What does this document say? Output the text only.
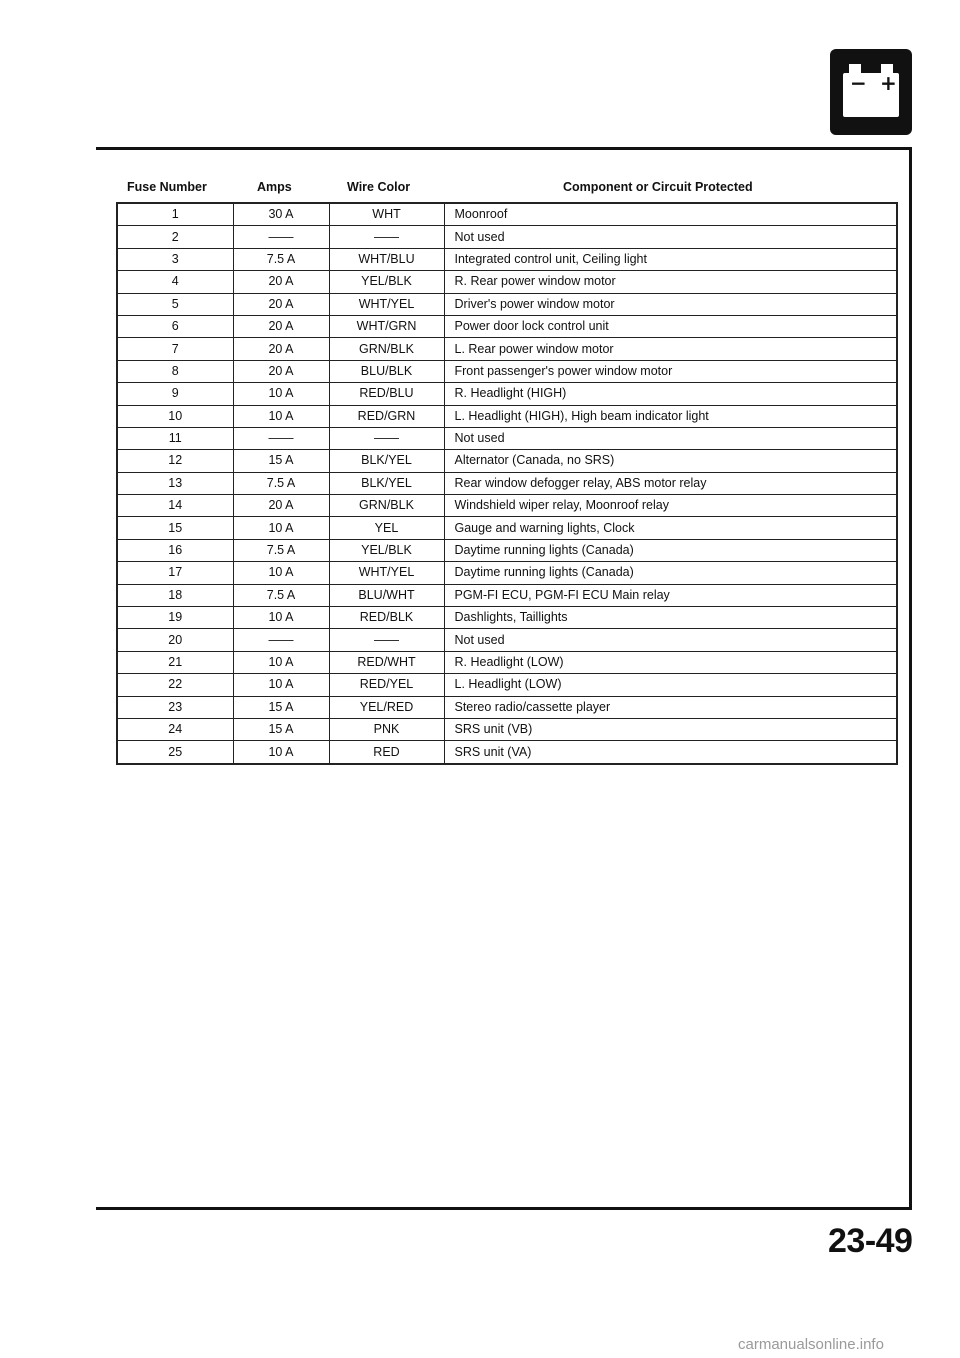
− +
Fuse Number	Amps	Wire Color	Component or Circuit Protected
1	30 A	WHT	Moonroof
2	——	——	Not used
3	7.5 A	WHT/BLU	Integrated control unit, Ceiling light
4	20 A	YEL/BLK	R. Rear power window motor
5	20 A	WHT/YEL	Driver's power window motor
6	20 A	WHT/GRN	Power door lock control unit
7	20 A	GRN/BLK	L. Rear power window motor
8	20 A	BLU/BLK	Front passenger's power window motor
9	10 A	RED/BLU	R. Headlight (HIGH)
10	10 A	RED/GRN	L. Headlight (HIGH), High beam indicator light
11	——	——	Not used
12	15 A	BLK/YEL	Alternator (Canada, no SRS)
13	7.5 A	BLK/YEL	Rear window defogger relay, ABS motor relay
14	20 A	GRN/BLK	Windshield wiper relay, Moonroof relay
15	10 A	YEL	Gauge and warning lights, Clock
16	7.5 A	YEL/BLK	Daytime running lights (Canada)
17	10 A	WHT/YEL	Daytime running lights (Canada)
18	7.5 A	BLU/WHT	PGM-FI ECU, PGM-FI ECU Main relay
19	10 A	RED/BLK	Dashlights, Taillights
20	——	——	Not used
21	10 A	RED/WHT	R. Headlight (LOW)
22	10 A	RED/YEL	L. Headlight (LOW)
23	15 A	YEL/RED	Stereo radio/cassette player
24	15 A	PNK	SRS unit (VB)
25	10 A	RED	SRS unit (VA)
23-49
carmanualsonline.info
